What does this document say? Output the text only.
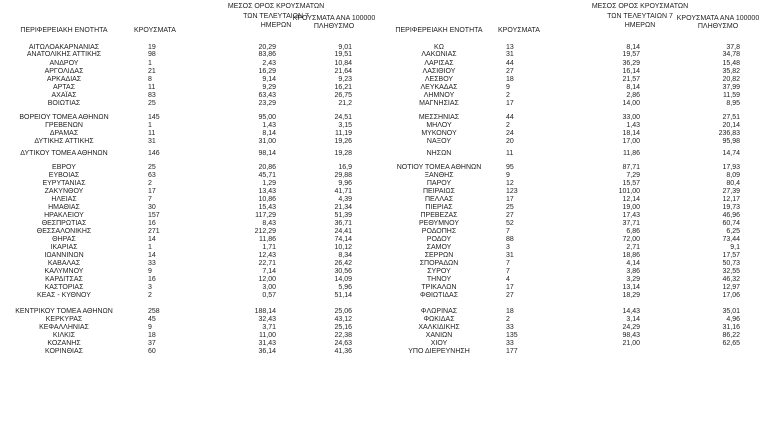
ΜΕΣΟΣ ΟΡΟΣ ΚΡΟΥΣΜΑΤΩΝ
ΤΩΝ ΤΕΛΕΥΤΑΙΩΝ 7
ΗΜΕΡΩΝ
ΚΡΟΥΣΜΑΤΑ ΑΝΑ 100000
ΠΛΗΘΥΣΜΟ
ΠΕΡΙΦΕΡΕΙΑΚΗ ΕΝΟΤΗΤΑ	ΚΡΟΥΣΜΑΤΑ
ΑΙΤΩΛΟΑΚΑΡΝΑΝΙΑΣ	19	20,29	9,01
ΑΝΑΤΟΛΙΚΗΣ ΑΤΤΙΚΗΣ	98	83,86	19,51
ΑΝΔΡΟΥ	1	2,43	10,84
ΑΡΓΟΛΙΔΑΣ	21	16,29	21,64
ΑΡΚΑΔΙΑΣ	8	9,14	9,23
ΑΡΤΑΣ	11	9,29	16,21
ΑΧΑΪΑΣ	83	63,43	26,75
ΒΟΙΩΤΙΑΣ	25	23,29	21,2
ΒΟΡΕΙΟΥ ΤΟΜΕΑ ΑΘΗΝΩΝ	145	95,00	24,51
ΓΡΕΒΕΝΩΝ	1	1,43	3,15
ΔΡΑΜΑΣ	11	8,14	11,19
ΔΥΤΙΚΗΣ ΑΤΤΙΚΗΣ	31	31,00	19,26
ΔΥΤΙΚΟΥ ΤΟΜΕΑ ΑΘΗΝΩΝ	146	98,14	19,28
ΕΒΡΟΥ	25	20,86	16,9
ΕΥΒΟΙΑΣ	63	45,71	29,88
ΕΥΡΥΤΑΝΙΑΣ	2	1,29	9,96
ΖΑΚΥΝΘΟΥ	17	13,43	41,71
ΗΛΕΙΑΣ	7	10,86	4,39
ΗΜΑΘΙΑΣ	30	15,43	21,34
ΗΡΑΚΛΕΙΟΥ	157	117,29	51,39
ΘΕΣΠΡΩΤΙΑΣ	16	8,43	36,71
ΘΕΣΣΑΛΟΝΙΚΗΣ	271	212,29	24,41
ΘΗΡΑΣ	14	11,86	74,14
ΙΚΑΡΙΑΣ	1	1,71	10,12
ΙΩΑΝΝΙΝΩΝ	14	12,43	8,34
ΚΑΒΑΛΑΣ	33	22,71	26,42
ΚΑΛΥΜΝΟΥ	9	7,14	30,56
ΚΑΡΔΙΤΣΑΣ	16	12,00	14,09
ΚΑΣΤΟΡΙΑΣ	3	3,00	5,96
ΚΕΑΣ - ΚΥΘΝΟΥ	2	0,57	51,14
ΚΕΝΤΡΙΚΟΥ ΤΟΜΕΑ ΑΘΗΝΩΝ	258	188,14	25,06
ΚΕΡΚΥΡΑΣ	45	32,43	43,12
ΚΕΦΑΛΛΗΝΙΑΣ	9	3,71	25,16
ΚΙΛΚΙΣ	18	11,00	22,38
ΚΟΖΑΝΗΣ	37	31,43	24,63
ΚΟΡΙΝΘΙΑΣ	60	36,14	41,36
ΜΕΣΟΣ ΟΡΟΣ ΚΡΟΥΣΜΑΤΩΝ
ΤΩΝ ΤΕΛΕΥΤΑΙΩΝ 7
ΗΜΕΡΩΝ
ΚΡΟΥΣΜΑΤΑ ΑΝΑ 100000
ΠΛΗΘΥΣΜΟ
ΠΕΡΙΦΕΡΕΙΑΚΗ ΕΝΟΤΗΤΑ	ΚΡΟΥΣΜΑΤΑ
ΚΩ	13	8,14	37,8
ΛΑΚΩΝΙΑΣ	31	19,57	34,78
ΛΑΡΙΣΑΣ	44	36,29	15,48
ΛΑΣΙΘΙΟΥ	27	16,14	35,82
ΛΕΣΒΟΥ	18	21,57	20,82
ΛΕΥΚΑΔΑΣ	9	8,14	37,99
ΛΗΜΝΟΥ	2	2,86	11,59
ΜΑΓΝΗΣΙΑΣ	17	14,00	8,95
ΜΕΣΣΗΝΙΑΣ	44	33,00	27,51
ΜΗΛΟΥ	2	1,43	20,14
ΜΥΚΟΝΟΥ	24	18,14	236,83
ΝΑΞΟΥ	20	17,00	95,98
ΝΗΣΩΝ	11	11,86	14,74
ΝΟΤΙΟΥ ΤΟΜΕΑ ΑΘΗΝΩΝ	95	87,71	17,93
ΞΑΝΘΗΣ	9	7,29	8,09
ΠΑΡΟΥ	12	15,57	80,4
ΠΕΙΡΑΙΩΣ	123	101,00	27,39
ΠΕΛΛΑΣ	17	12,14	12,17
ΠΙΕΡΙΑΣ	25	19,00	19,73
ΠΡΕΒΕΖΑΣ	27	17,43	46,96
ΡΕΘΥΜΝΟΥ	52	37,71	60,74
ΡΟΔΟΠΗΣ	7	6,86	6,25
ΡΟΔΟΥ	88	72,00	73,44
ΣΑΜΟΥ	3	2,71	9,1
ΣΕΡΡΩΝ	31	18,86	17,57
ΣΠΟΡΑΔΩΝ	7	4,14	50,73
ΣΥΡΟΥ	7	3,86	32,55
ΤΗΝΟΥ	4	3,29	46,32
ΤΡΙΚΑΛΩΝ	17	13,14	12,97
ΦΘΙΩΤΙΔΑΣ	27	18,29	17,06
ΦΛΩΡΙΝΑΣ	18	14,43	35,01
ΦΩΚΙΔΑΣ	2	3,14	4,96
ΧΑΛΚΙΔΙΚΗΣ	33	24,29	31,16
ΧΑΝΙΩΝ	135	98,43	86,22
ΧΙΟΥ	33	21,00	62,65
ΥΠΟ ΔΙΕΡΕΥΝΗΣΗ	177
